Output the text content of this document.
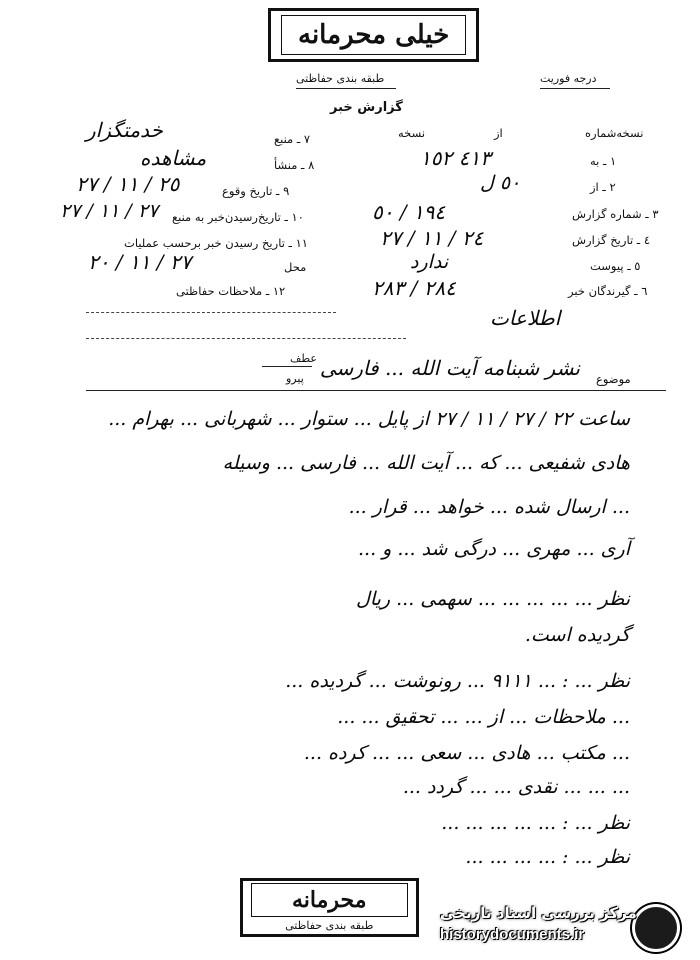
خیلی محرمانه
طبقه بندی حفاظتی	درجه فوریت
گزارش خبر
نسخه‌شماره
از
نسخه
١ ـ به
٤١٣ ١٥٢
٢ ـ از
٥٠ ل
٣ ـ شماره گزارش
١٩٤ / ٥٠
٤ ـ تاریخ گزارش
٢٤ / ١١ / ٢٧
٥ ـ پیوست
ندارد
٦ ـ گیرندگان خبر
٢٨٤ / ٢٨٣
اطلاعات
٧ ـ منبع
خدمتگزار
٨ ـ منشأ
مشاهده
٩ ـ تاریخ وقوع
٢٥ / ١١ / ٢٧
١٠ ـ تاریخ‌رسیدن‌خبر به منبع
٢٧ / ١١ / ٢٧
١١ ـ تاریخ رسیدن خبر برحسب عملیات
محل
٢٧ / ١١ / ٢٠
١٢ ـ ملاحظات حفاظتی
موضوع
نشر شبنامه آیت الله ... فارسی
عطف
پیرو
ساعت ٢٢ / ٢٧ / ١١ / ٢٧ از پایل ... ستوار ... شهربانی ... بهرام ...
هادی شفیعی ... که ... آیت الله ... فارسی ... وسیله
... ارسال شده ... خواهد ... قرار ...
آری ... مهری ... درگی شد ... و ...
نظر ... ... ... ... ... سهمی ... ریال
گردیده است.
نظر ... : ... ٩١١١ ... رونوشت ... گردیده ...
... ملاحظات ... از ... ... تحقیق ... ...
... مکتب ... هادی ... سعی ... ... کرده ...
... ... ... نقدی ... ... گردد ...
نظر ... : ... ... ... ... ...
نظر ... : ... ... ... ...
محرمانه
طبقه بندی حفاظتی
مرکز بررسی اسناد تاریخی
historydocuments.ir
